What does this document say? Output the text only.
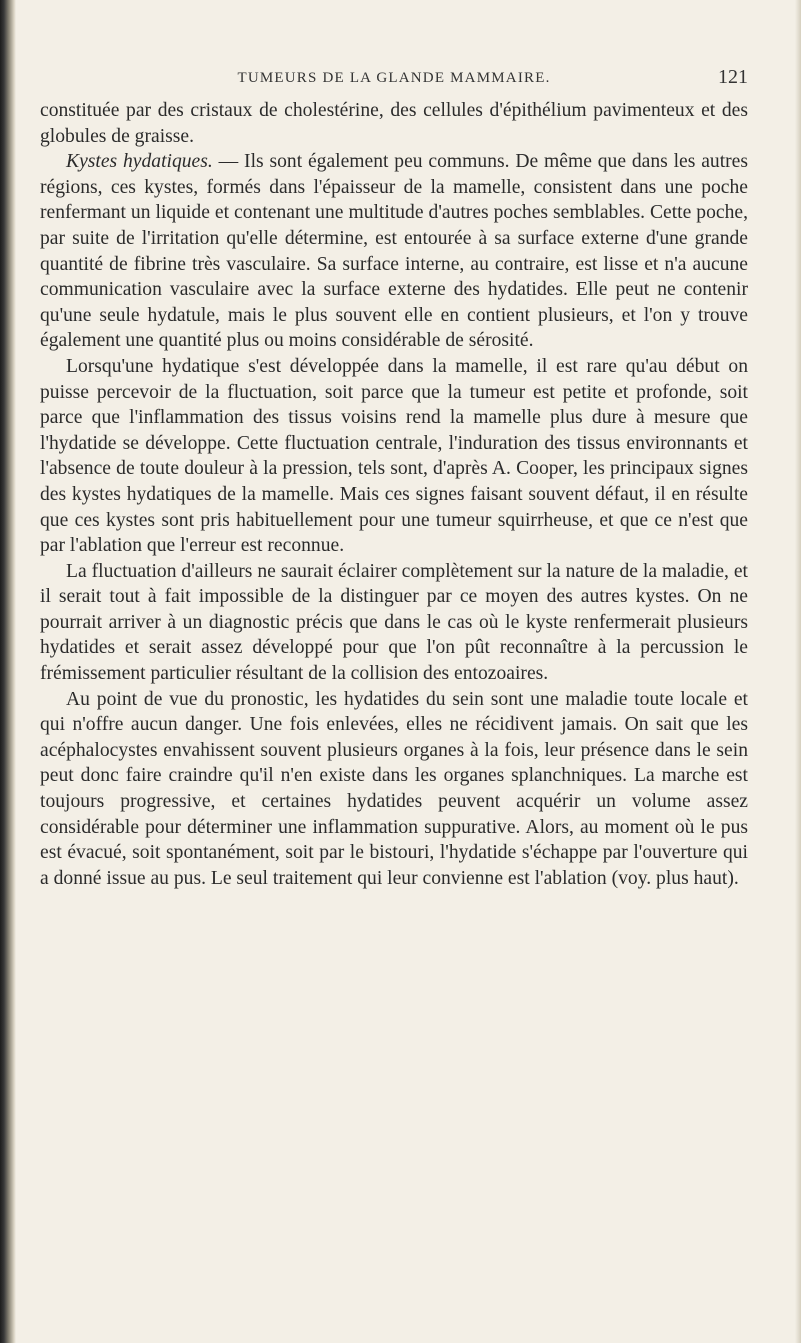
TUMEURS DE LA GLANDE MAMMAIRE.	121

constituée par des cristaux de cholestérine, des cellules d'épithélium pavimenteux et des globules de graisse.

Kystes hydatiques. — Ils sont également peu communs. De même que dans les autres régions, ces kystes, formés dans l'épaisseur de la mamelle, consistent dans une poche renfermant un liquide et contenant une multitude d'autres poches semblables. Cette poche, par suite de l'irritation qu'elle détermine, est entourée à sa surface externe d'une grande quantité de fibrine très vasculaire. Sa surface interne, au contraire, est lisse et n'a aucune communication vasculaire avec la surface externe des hydatides. Elle peut ne contenir qu'une seule hydatule, mais le plus souvent elle en contient plusieurs, et l'on y trouve également une quantité plus ou moins considérable de sérosité.

Lorsqu'une hydatique s'est développée dans la mamelle, il est rare qu'au début on puisse percevoir de la fluctuation, soit parce que la tumeur est petite et profonde, soit parce que l'inflammation des tissus voisins rend la mamelle plus dure à mesure que l'hydatide se développe. Cette fluctuation centrale, l'induration des tissus environnants et l'absence de toute douleur à la pression, tels sont, d'après A. Cooper, les principaux signes des kystes hydatiques de la mamelle. Mais ces signes faisant souvent défaut, il en résulte que ces kystes sont pris habituellement pour une tumeur squirrheuse, et que ce n'est que par l'ablation que l'erreur est reconnue.

La fluctuation d'ailleurs ne saurait éclairer complètement sur la nature de la maladie, et il serait tout à fait impossible de la distinguer par ce moyen des autres kystes. On ne pourrait arriver à un diagnostic précis que dans le cas où le kyste renfermerait plusieurs hydatides et serait assez développé pour que l'on pût reconnaître à la percussion le frémissement particulier résultant de la collision des entozoaires.

Au point de vue du pronostic, les hydatides du sein sont une maladie toute locale et qui n'offre aucun danger. Une fois enlevées, elles ne récidivent jamais. On sait que les acéphalocystes envahissent souvent plusieurs organes à la fois, leur présence dans le sein peut donc faire craindre qu'il n'en existe dans les organes splanchniques. La marche est toujours progressive, et certaines hydatides peuvent acquérir un volume assez considérable pour déterminer une inflammation suppurative. Alors, au moment où le pus est évacué, soit spontanément, soit par le bistouri, l'hydatide s'échappe par l'ouverture qui a donné issue au pus. Le seul traitement qui leur convienne est l'ablation (voy. plus haut).
